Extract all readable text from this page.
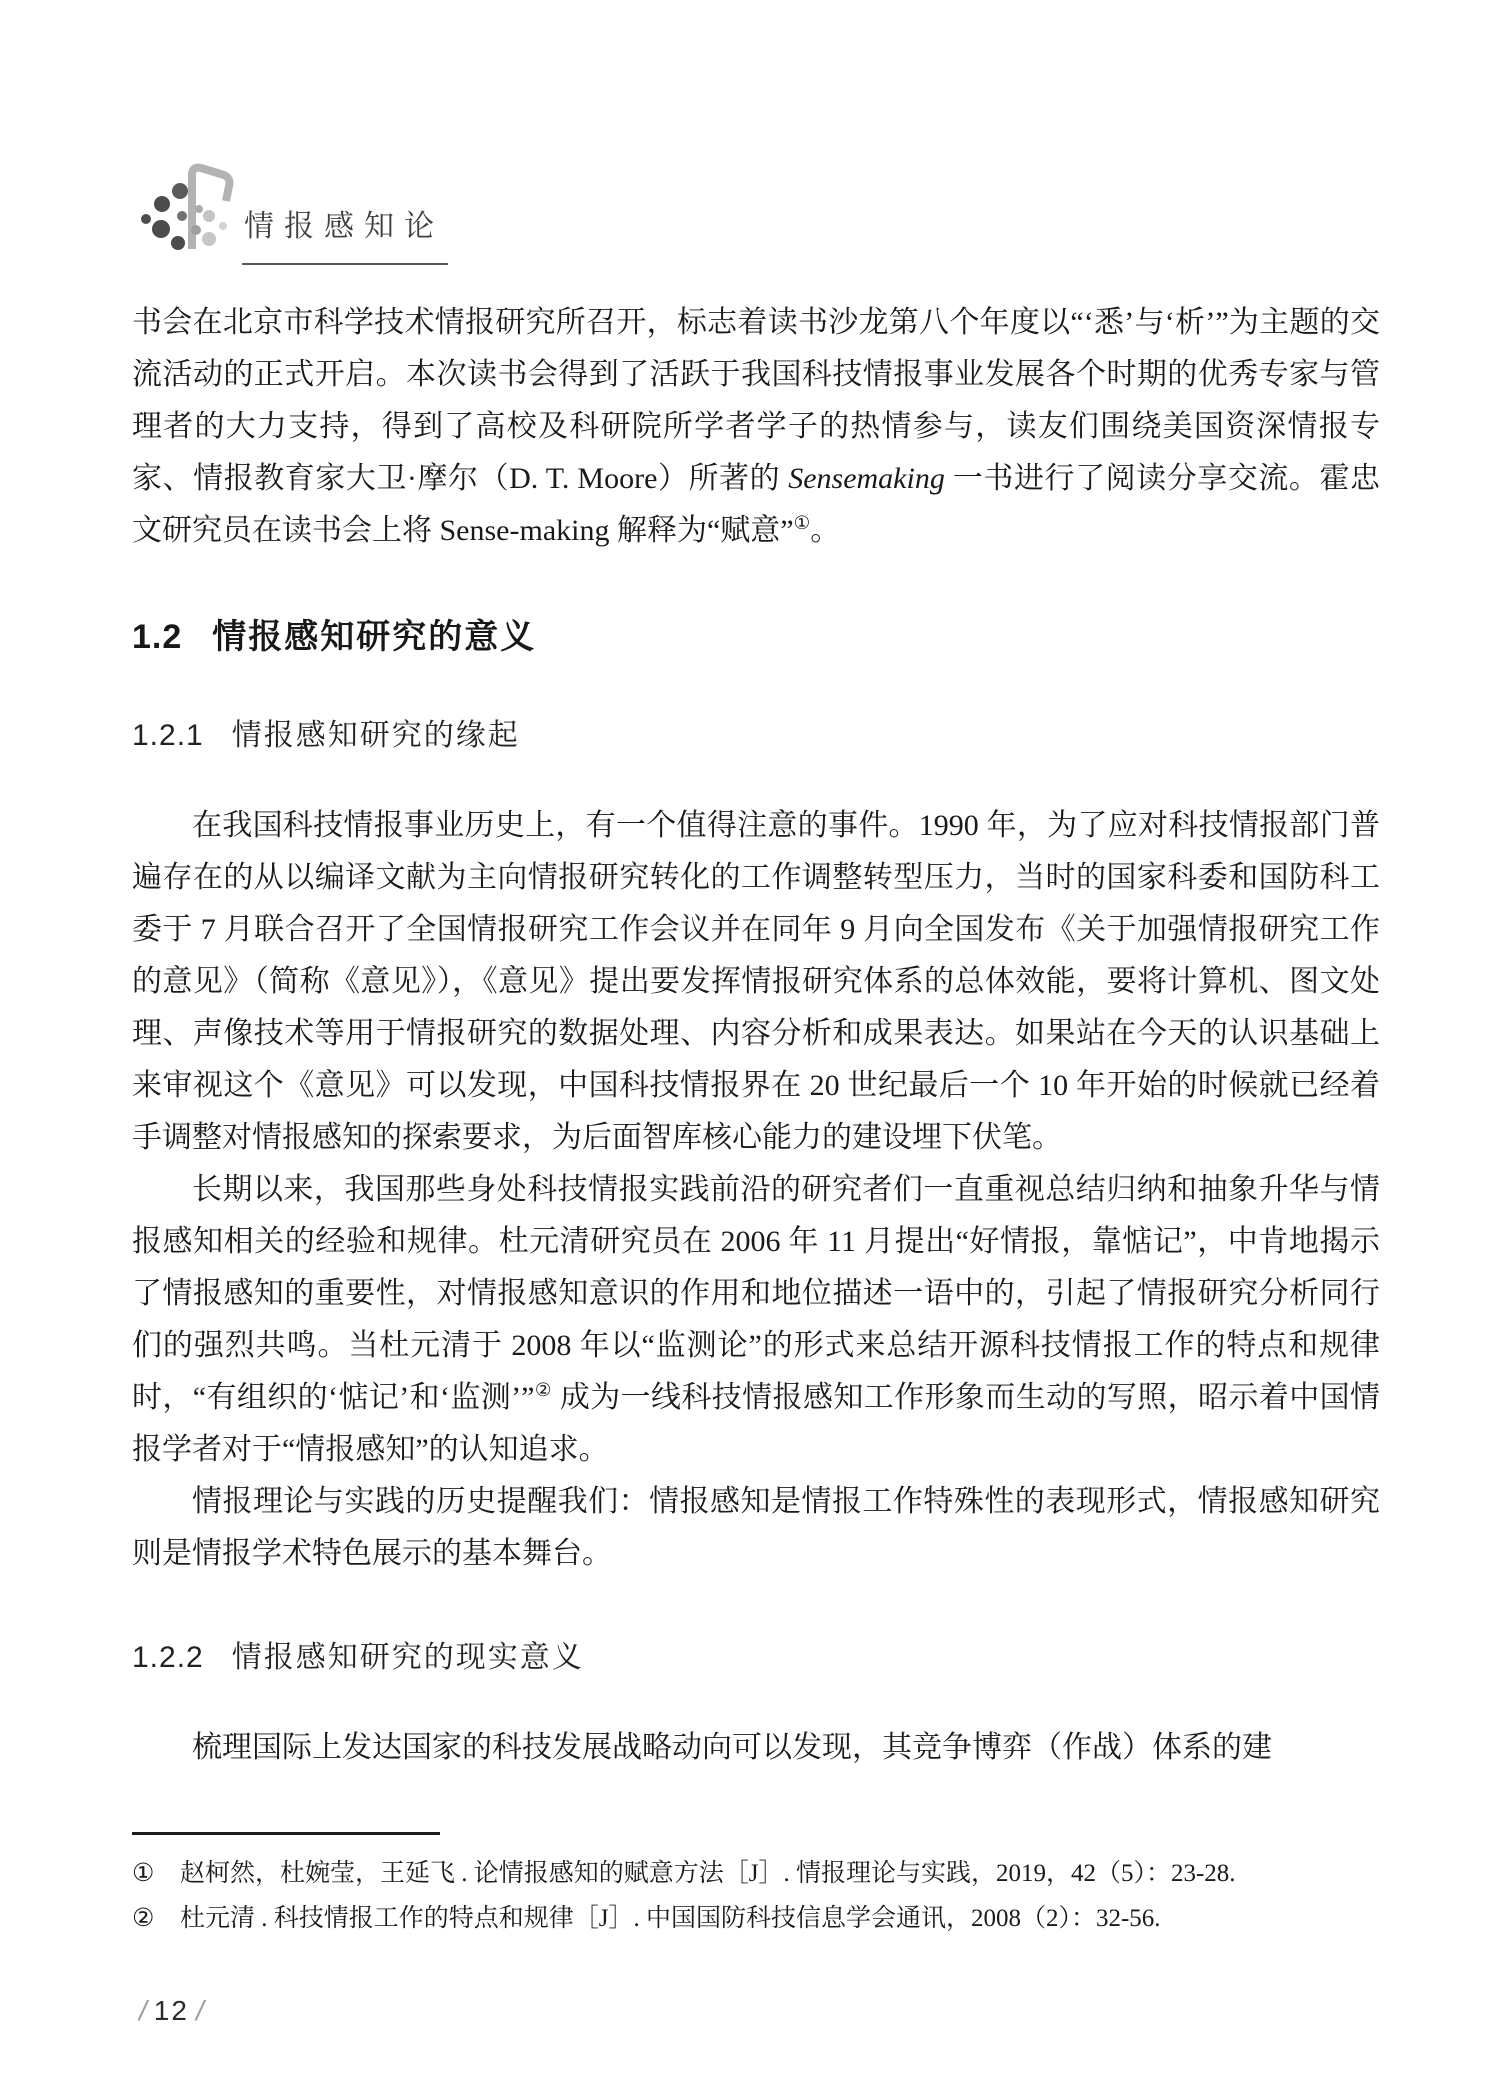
情报感知论

书会在北京市科学技术情报研究所召开，标志着读书沙龙第八个年度以“‘悉’与‘析’”为主题的交流活动的正式开启。本次读书会得到了活跃于我国科技情报事业发展各个时期的优秀专家与管理者的大力支持，得到了高校及科研院所学者学子的热情参与，读友们围绕美国资深情报专家、情报教育家大卫·摩尔（D. T. Moore）所著的 Sensemaking 一书进行了阅读分享交流。霍忠文研究员在读书会上将 Sense-making 解释为“赋意”①。

1.2 情报感知研究的意义
1.2.1 情报感知研究的缘起

在我国科技情报事业历史上，有一个值得注意的事件。1990 年，为了应对科技情报部门普遍存在的从以编译文献为主向情报研究转化的工作调整转型压力，当时的国家科委和国防科工委于 7 月联合召开了全国情报研究工作会议并在同年 9 月向全国发布《关于加强情报研究工作的意见》（简称《意见》），《意见》提出要发挥情报研究体系的总体效能，要将计算机、图文处理、声像技术等用于情报研究的数据处理、内容分析和成果表达。如果站在今天的认识基础上来审视这个《意见》可以发现，中国科技情报界在 20 世纪最后一个 10 年开始的时候就已经着手调整对情报感知的探索要求，为后面智库核心能力的建设埋下伏笔。

长期以来，我国那些身处科技情报实践前沿的研究者们一直重视总结归纳和抽象升华与情报感知相关的经验和规律。杜元清研究员在 2006 年 11 月提出“好情报，靠惦记”，中肯地揭示了情报感知的重要性，对情报感知意识的作用和地位描述一语中的，引起了情报研究分析同行们的强烈共鸣。当杜元清于 2008 年以“监测论”的形式来总结开源科技情报工作的特点和规律时，“有组织的‘惦记’和‘监测’”② 成为一线科技情报感知工作形象而生动的写照，昭示着中国情报学者对于“情报感知”的认知追求。

情报理论与实践的历史提醒我们：情报感知是情报工作特殊性的表现形式，情报感知研究则是情报学术特色展示的基本舞台。

1.2.2 情报感知研究的现实意义

梳理国际上发达国家的科技发展战略动向可以发现，其竞争博弈（作战）体系的建

①	赵柯然，杜婉莹，王延飞 . 论情报感知的赋意方法［J］. 情报理论与实践，2019，42（5）：23-28.
②	杜元清 . 科技情报工作的特点和规律［J］. 中国国防科技信息学会通讯，2008（2）：32-56.
/ 12 /
